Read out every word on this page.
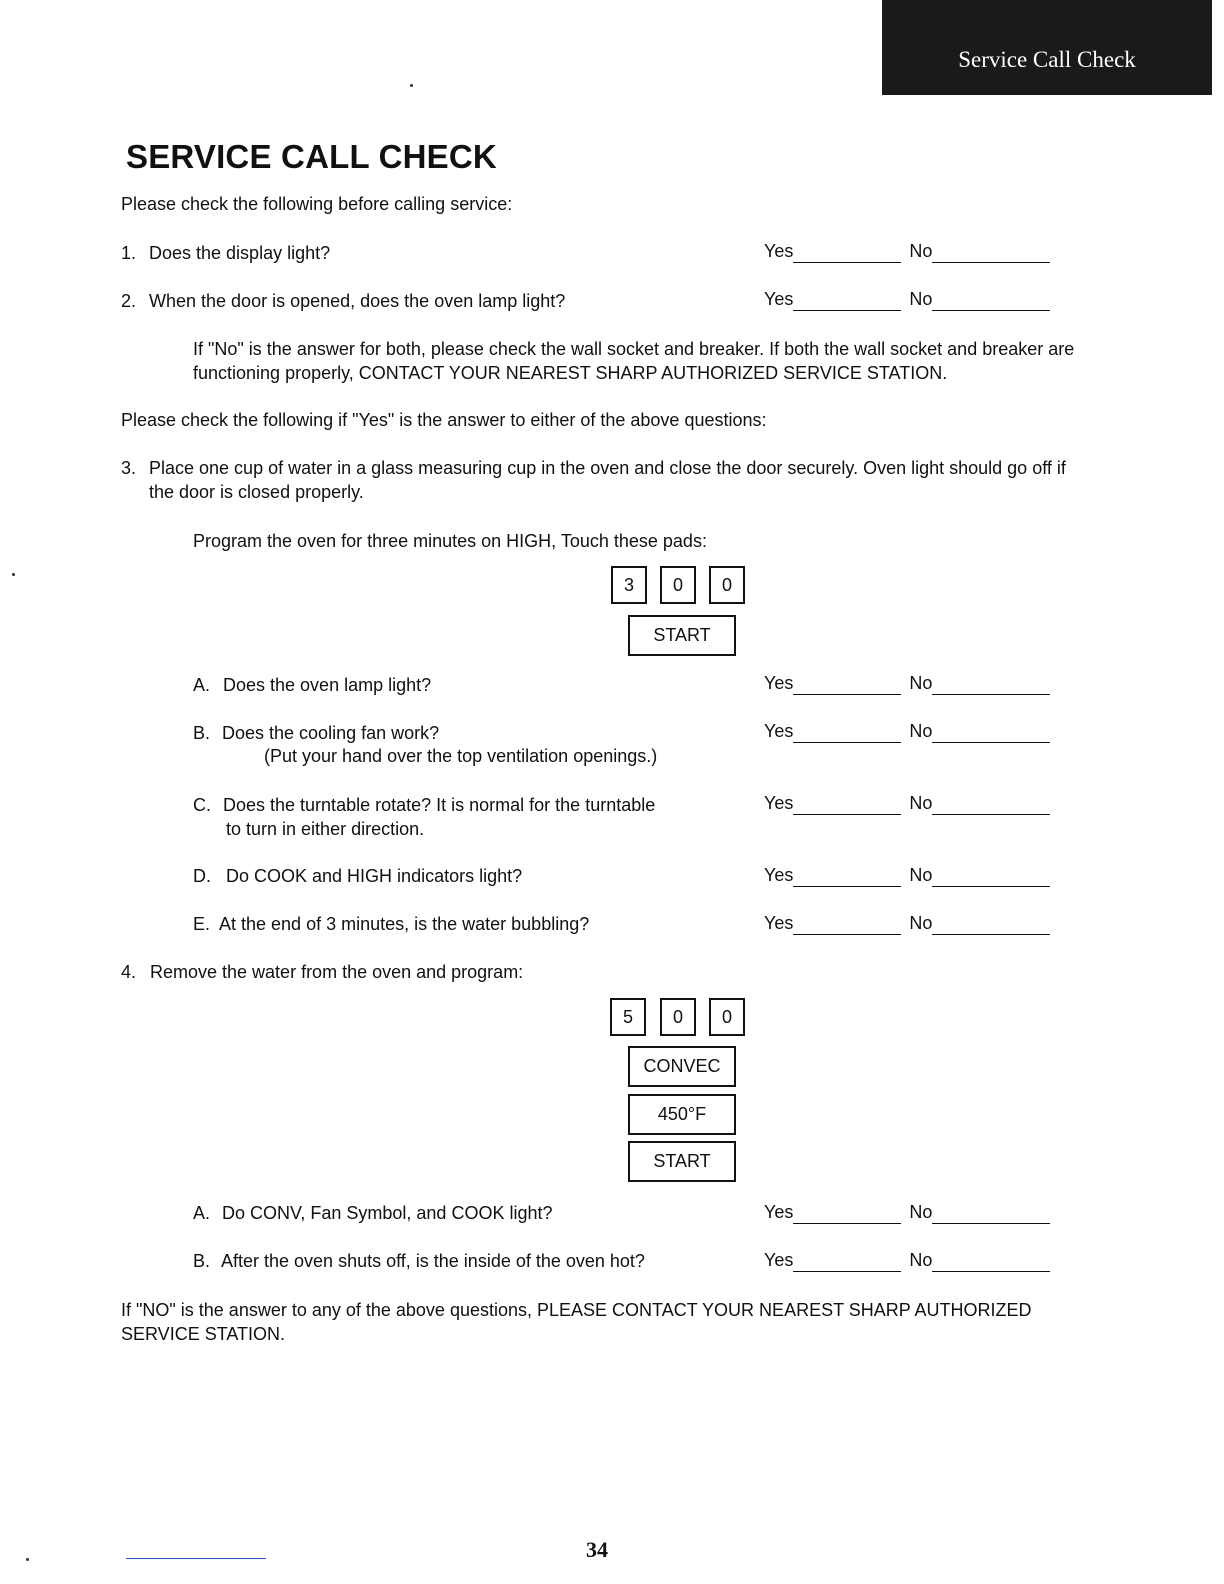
Service Call Check
SERVICE CALL CHECK
Please check the following before calling service:
1. Does the display light?	Yes	No
2. When the door is opened, does the oven lamp light?	Yes	No
If "No" is the answer for both, please check the wall socket and breaker. If both the wall socket and breaker are functioning properly, CONTACT YOUR NEAREST SHARP AUTHORIZED SERVICE STATION.
Please check the following if "Yes" is the answer to either of the above questions:
3. Place one cup of water in a glass measuring cup in the oven and close the door securely. Oven light should go off if the door is closed properly.
Program the oven for three minutes on HIGH, Touch these pads:
3	0	0
START
A. Does the oven lamp light?	Yes	No
B. Does the cooling fan work?
(Put your hand over the top ventilation openings.)
Yes	No
C. Does the turntable rotate? It is normal for the turntable
to turn in either direction.
Yes	No
D. Do COOK and HIGH indicators light?	Yes	No
E. At the end of 3 minutes, is the water bubbling?	Yes	No
4. Remove the water from the oven and program:
5	0	0
CONVEC
450°F
START
A. Do CONV, Fan Symbol, and COOK light?	Yes	No
B. After the oven shuts off, is the inside of the oven hot?	Yes	No
If "NO" is the answer to any of the above questions, PLEASE CONTACT YOUR NEAREST SHARP AUTHORIZED SERVICE STATION.
34
